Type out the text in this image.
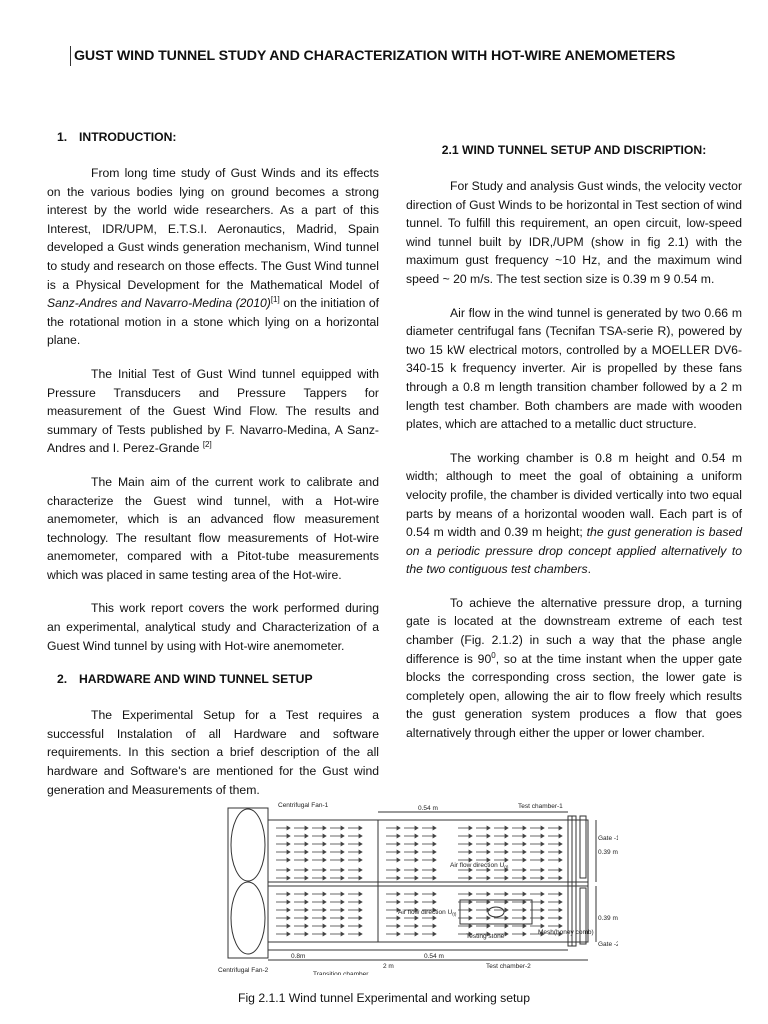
GUST WIND TUNNEL STUDY AND CHARACTERIZATION WITH HOT-WIRE ANEMOMETERS
1. INTRODUCTION:

From long time study of Gust Winds and its effects on the various bodies lying on ground becomes a strong interest by the world wide researchers. As a part of this Interest, IDR/UPM, E.T.S.I. Aeronautics, Madrid, Spain developed a Gust winds generation mechanism, Wind tunnel to study and research on those effects. The Gust Wind tunnel is a Physical Development for the Mathematical Model of Sanz-Andres and Navarro-Medina (2010)[1] on the initiation of the rotational motion in a stone which lying on a horizontal plane.

The Initial Test of Gust Wind tunnel equipped with Pressure Transducers and Pressure Tappers for measurement of the Guest Wind Flow. The results and summary of Tests published by F. Navarro-Medina, A Sanz-Andres and I. Perez-Grande [2]

The Main aim of the current work to calibrate and characterize the Guest wind tunnel, with a Hot-wire anemometer, which is an advanced flow measurement technology. The resultant flow measurements of Hot-wire anemometer, compared with a Pitot-tube measurements which was placed in same testing area of the Hot-wire.

This work report covers the work performed during an experimental, analytical study and Characterization of a Guest Wind tunnel by using with Hot-wire anemometer.

2. HARDWARE AND WIND TUNNEL SETUP

The Experimental Setup for a Test requires a successful Instalation of all Hardware and software requirements. In this section a brief description of the all hardware and Software's are mentioned for the Gust wind generation and Measurements of them.

2.1 WIND TUNNEL SETUP AND DISCRIPTION:

For Study and analysis Gust winds, the velocity vector direction of Gust Winds to be horizontal in Test section of wind tunnel. To fulfill this requirement, an open circuit, low-speed wind tunnel built by IDR,/UPM (show in fig 2.1) with the maximum gust frequency ~10 Hz, and the maximum wind speed ~ 20 m/s. The test section size is 0.39 m 9 0.54 m.

Air flow in the wind tunnel is generated by two 0.66 m diameter centrifugal fans (Tecnifan TSA-serie R), powered by two 15 kW electrical motors, controlled by a MOELLER DV6-340-15 k frequency inverter. Air is propelled by these fans through a 0.8 m length transition chamber followed by a 2 m length test chamber. Both chambers are made with wooden plates, which are attached to a metallic duct structure.

The working chamber is 0.8 m height and 0.54 m width; although to meet the goal of obtaining a uniform velocity profile, the chamber is divided vertically into two equal parts by means of a horizontal wooden wall. Each part is of 0.54 m width and 0.39 m height; the gust generation is based on a periodic pressure drop concept applied alternatively to the two contiguous test chambers.

To achieve the alternative pressure drop, a turning gate is located at the downstream extreme of each test chamber (Fig. 2.1.2) in such a way that the phase angle difference is $90^0$, so at the time instant when the upper gate blocks the corresponding cross section, the lower gate is completely open, allowing the air to flow freely which results the gust generation system produces a flow that goes alternatively through either the upper or lower chamber.

Centrifugal Fan-1
Centrifugal Fan-2
Test chamber-1
Test chamber-2
Gate -1
Gate -2
0.54 m
0.39 m
0.39 m
0.8m	0.54 m
2 m
Air flow direction $U_{(t)}$
Air flow direction $U_{(t)}$
Testing stone
Mesh(honey comb)
Transition chamber
Fig 2.1.1 Wind tunnel Experimental and working setup
